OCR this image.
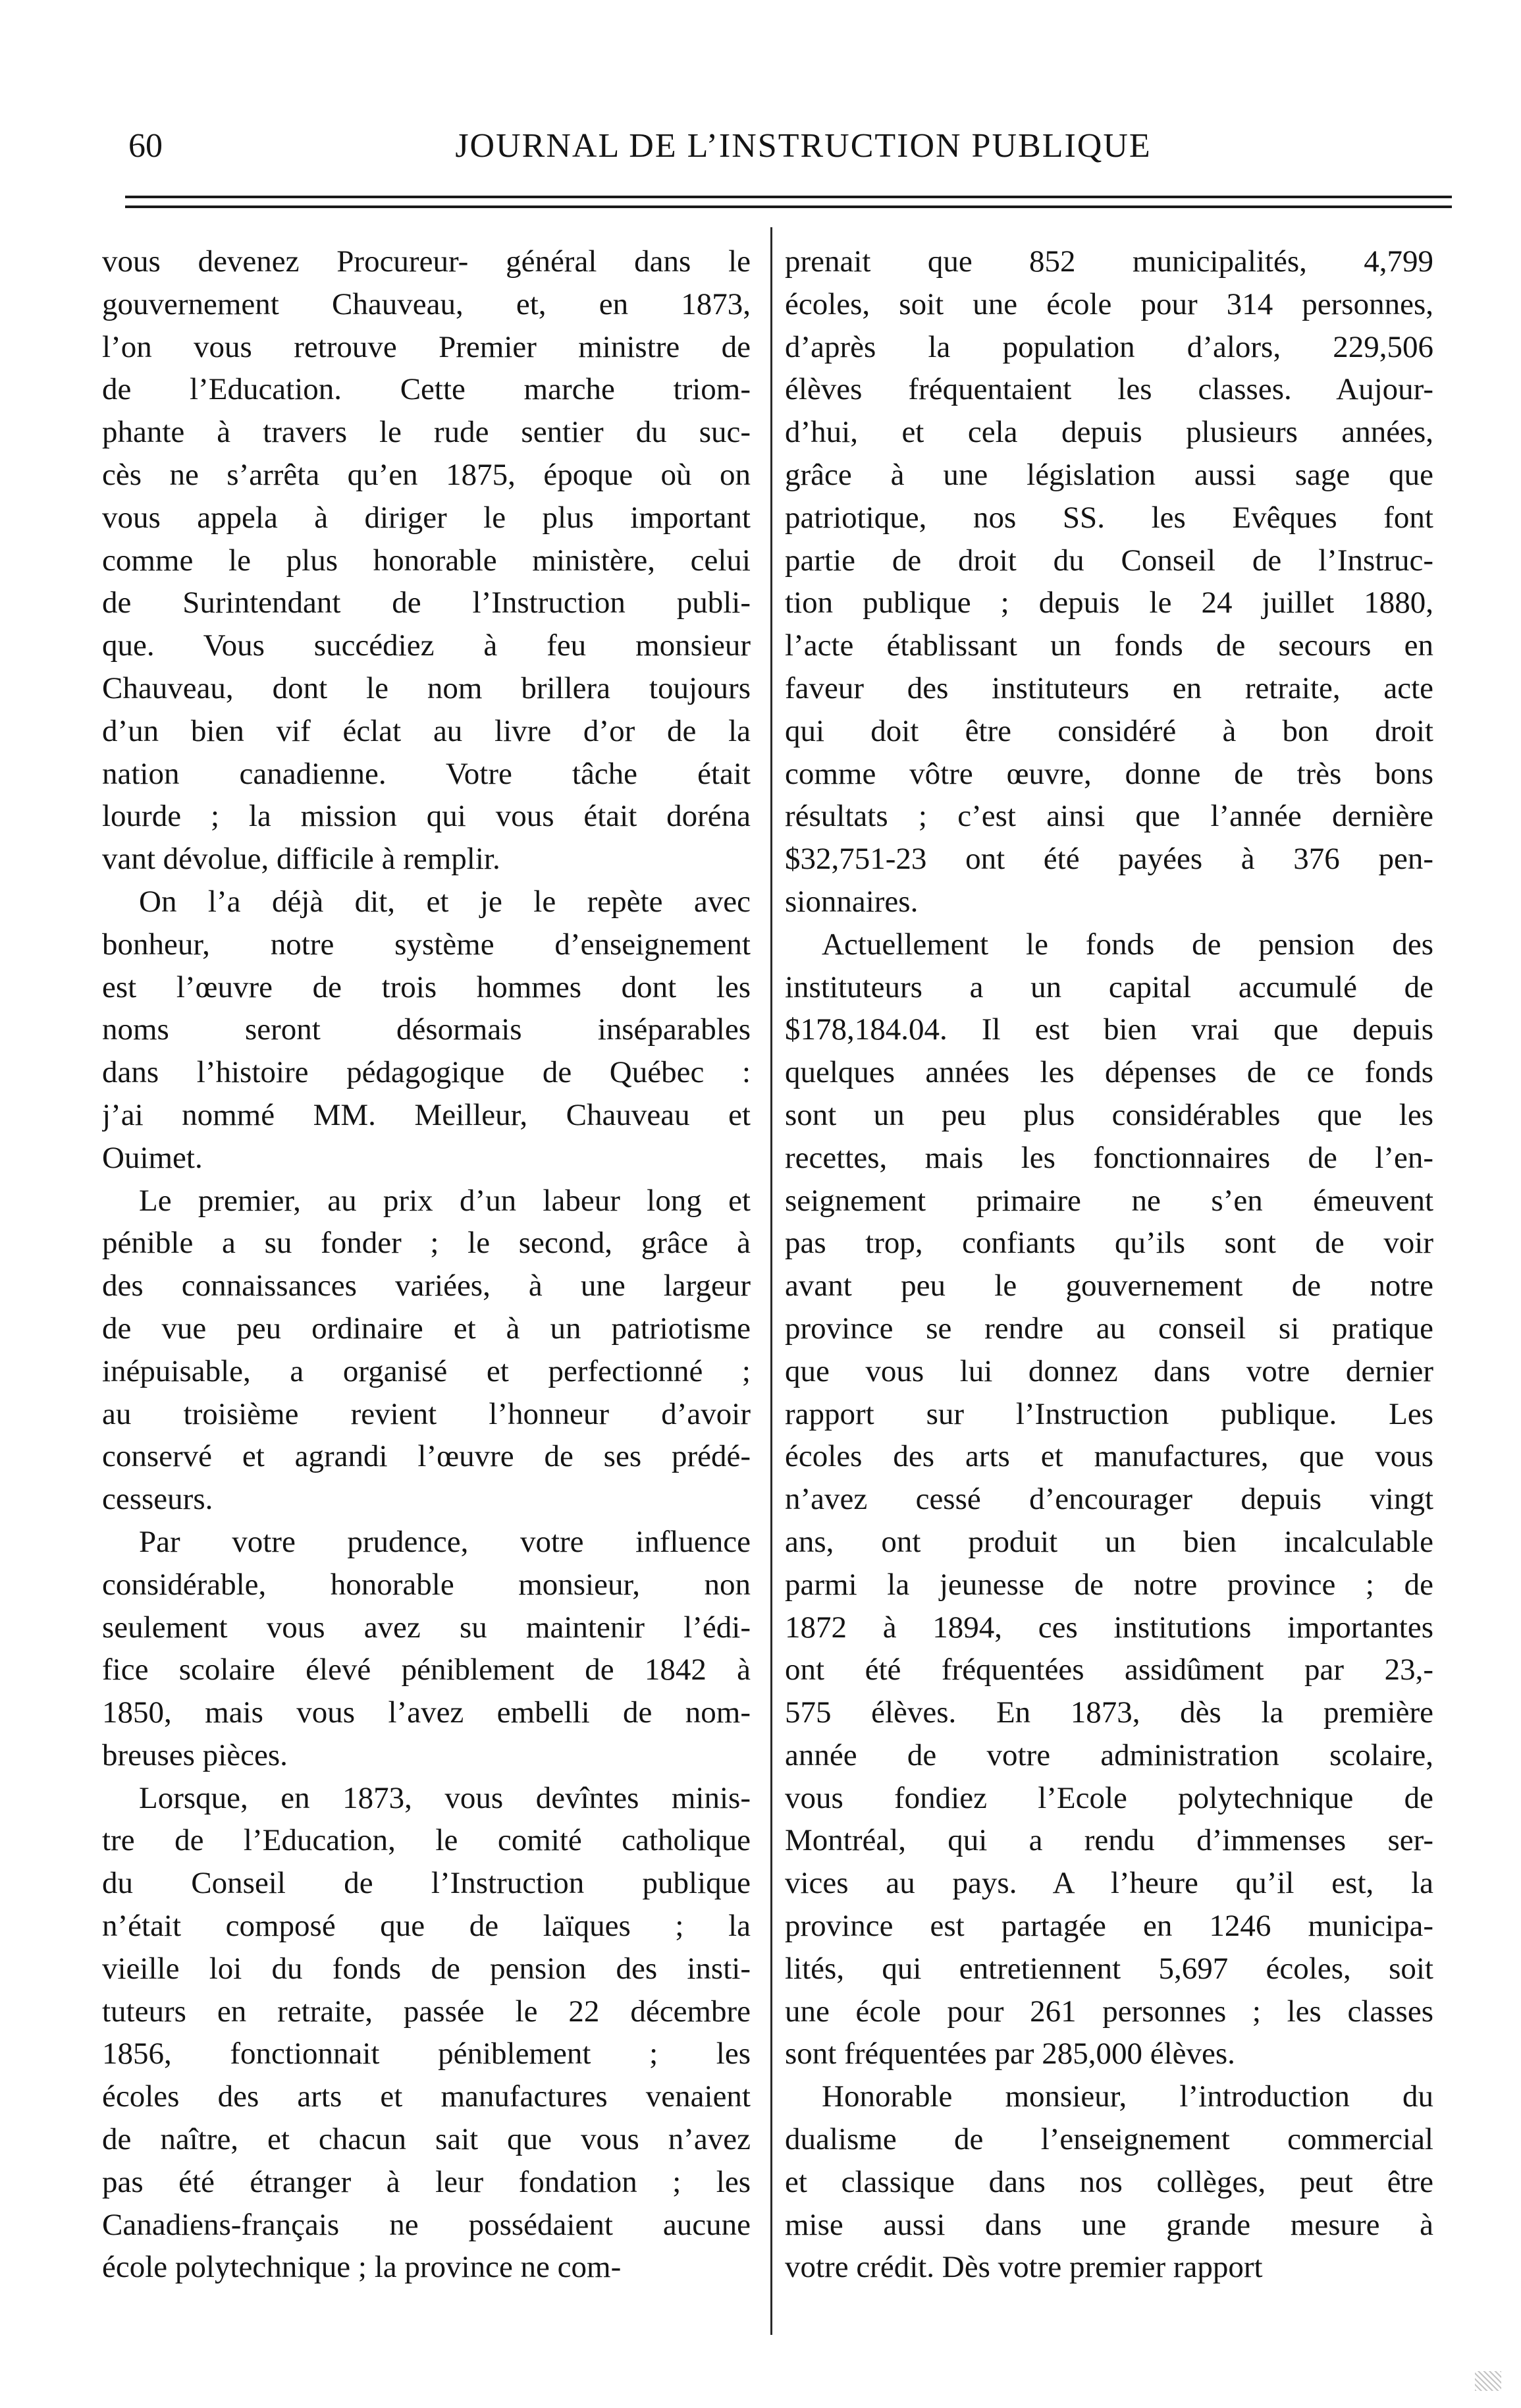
60	JOURNAL DE L’INSTRUCTION PUBLIQUE
vous devenez Procureur- général dans le
gouvernement Chauveau, et, en 1873,
l’on vous retrouve Premier ministre de
de l’Education. Cette marche triom-
phante à travers le rude sentier du suc-
cès ne s’arrêta qu’en 1875, époque où on
vous appela à diriger le plus important
comme le plus honorable ministère, celui
de Surintendant de l’Instruction publi-
que. Vous succédiez à feu monsieur
Chauveau, dont le nom brillera toujours
d’un bien vif éclat au livre d’or de la
nation canadienne. Votre tâche était
lourde ; la mission qui vous était doréna
vant dévolue, difficile à remplir.
On l’a déjà dit, et je le repète avec
bonheur, notre système d’enseignement
est l’œuvre de trois hommes dont les
noms seront désormais inséparables
dans l’histoire pédagogique de Québec :
j’ai nommé MM. Meilleur, Chauveau et
Ouimet.
Le premier, au prix d’un labeur long et
pénible a su fonder ; le second, grâce à
des connaissances variées, à une largeur
de vue peu ordinaire et à un patriotisme
inépuisable, a organisé et perfectionné ;
au troisième revient l’honneur d’avoir
conservé et agrandi l’œuvre de ses prédé-
cesseurs.
Par votre prudence, votre influence
considérable, honorable monsieur, non
seulement vous avez su maintenir l’édi-
fice scolaire élevé péniblement de 1842 à
1850, mais vous l’avez embelli de nom-
breuses pièces.
Lorsque, en 1873, vous devîntes minis-
tre de l’Education, le comité catholique
du Conseil de l’Instruction publique
n’était composé que de laïques ; la
vieille loi du fonds de pension des insti-
tuteurs en retraite, passée le 22 décembre
1856, fonctionnait péniblement ; les
écoles des arts et manufactures venaient
de naître, et chacun sait que vous n’avez
pas été étranger à leur fondation ; les
Canadiens-français ne possédaient aucune
école polytechnique ; la province ne com-
prenait que 852 municipalités, 4,799
écoles, soit une école pour 314 personnes,
d’après la population d’alors, 229,506
élèves fréquentaient les classes. Aujour-
d’hui, et cela depuis plusieurs années,
grâce à une législation aussi sage que
patriotique, nos SS. les Evêques font
partie de droit du Conseil de l’Instruc-
tion publique ; depuis le 24 juillet 1880,
l’acte établissant un fonds de secours en
faveur des instituteurs en retraite, acte
qui doit être considéré à bon droit
comme vôtre œuvre, donne de très bons
résultats ; c’est ainsi que l’année dernière
$32,751-23 ont été payées à 376 pen-
sionnaires.
Actuellement le fonds de pension des
instituteurs a un capital accumulé de
$178,184.04. Il est bien vrai que depuis
quelques années les dépenses de ce fonds
sont un peu plus considérables que les
recettes, mais les fonctionnaires de l’en-
seignement primaire ne s’en émeuvent
pas trop, confiants qu’ils sont de voir
avant peu le gouvernement de notre
province se rendre au conseil si pratique
que vous lui donnez dans votre dernier
rapport sur l’Instruction publique. Les
écoles des arts et manufactures, que vous
n’avez cessé d’encourager depuis vingt
ans, ont produit un bien incalculable
parmi la jeunesse de notre province ; de
1872 à 1894, ces institutions importantes
ont été fréquentées assidûment par 23,-
575 élèves. En 1873, dès la première
année de votre administration scolaire,
vous fondiez l’Ecole polytechnique de
Montréal, qui a rendu d’immenses ser-
vices au pays. A l’heure qu’il est, la
province est partagée en 1246 municipa-
lités, qui entretiennent 5,697 écoles, soit
une école pour 261 personnes ; les classes
sont fréquentées par 285,000 élèves.
Honorable monsieur, l’introduction du
dualisme de l’enseignement commercial
et classique dans nos collèges, peut être
mise aussi dans une grande mesure à
votre crédit. Dès votre premier rapport
